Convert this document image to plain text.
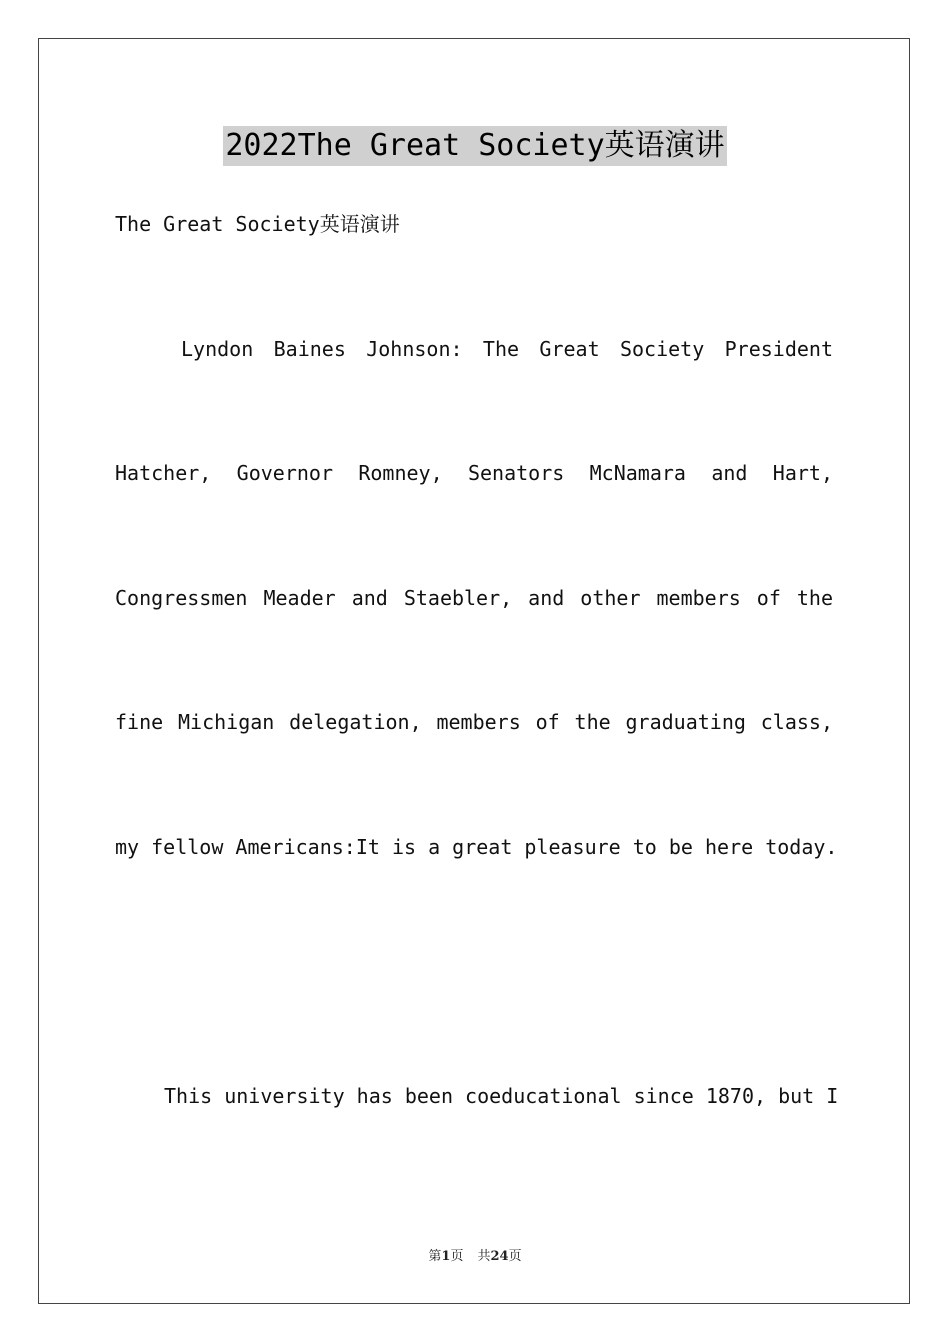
2022The Great Society英语演讲
The Great Society英语演讲
Lyndon Baines Johnson: The Great Society President
Hatcher, Governor Romney, Senators McNamara and Hart,
Congressmen Meader and Staebler, and other members of the
fine Michigan delegation, members of the graduating class,
my fellow Americans:It is a great pleasure to be here today.
This university has been coeducational since 1870, but I
第1页 共24页
